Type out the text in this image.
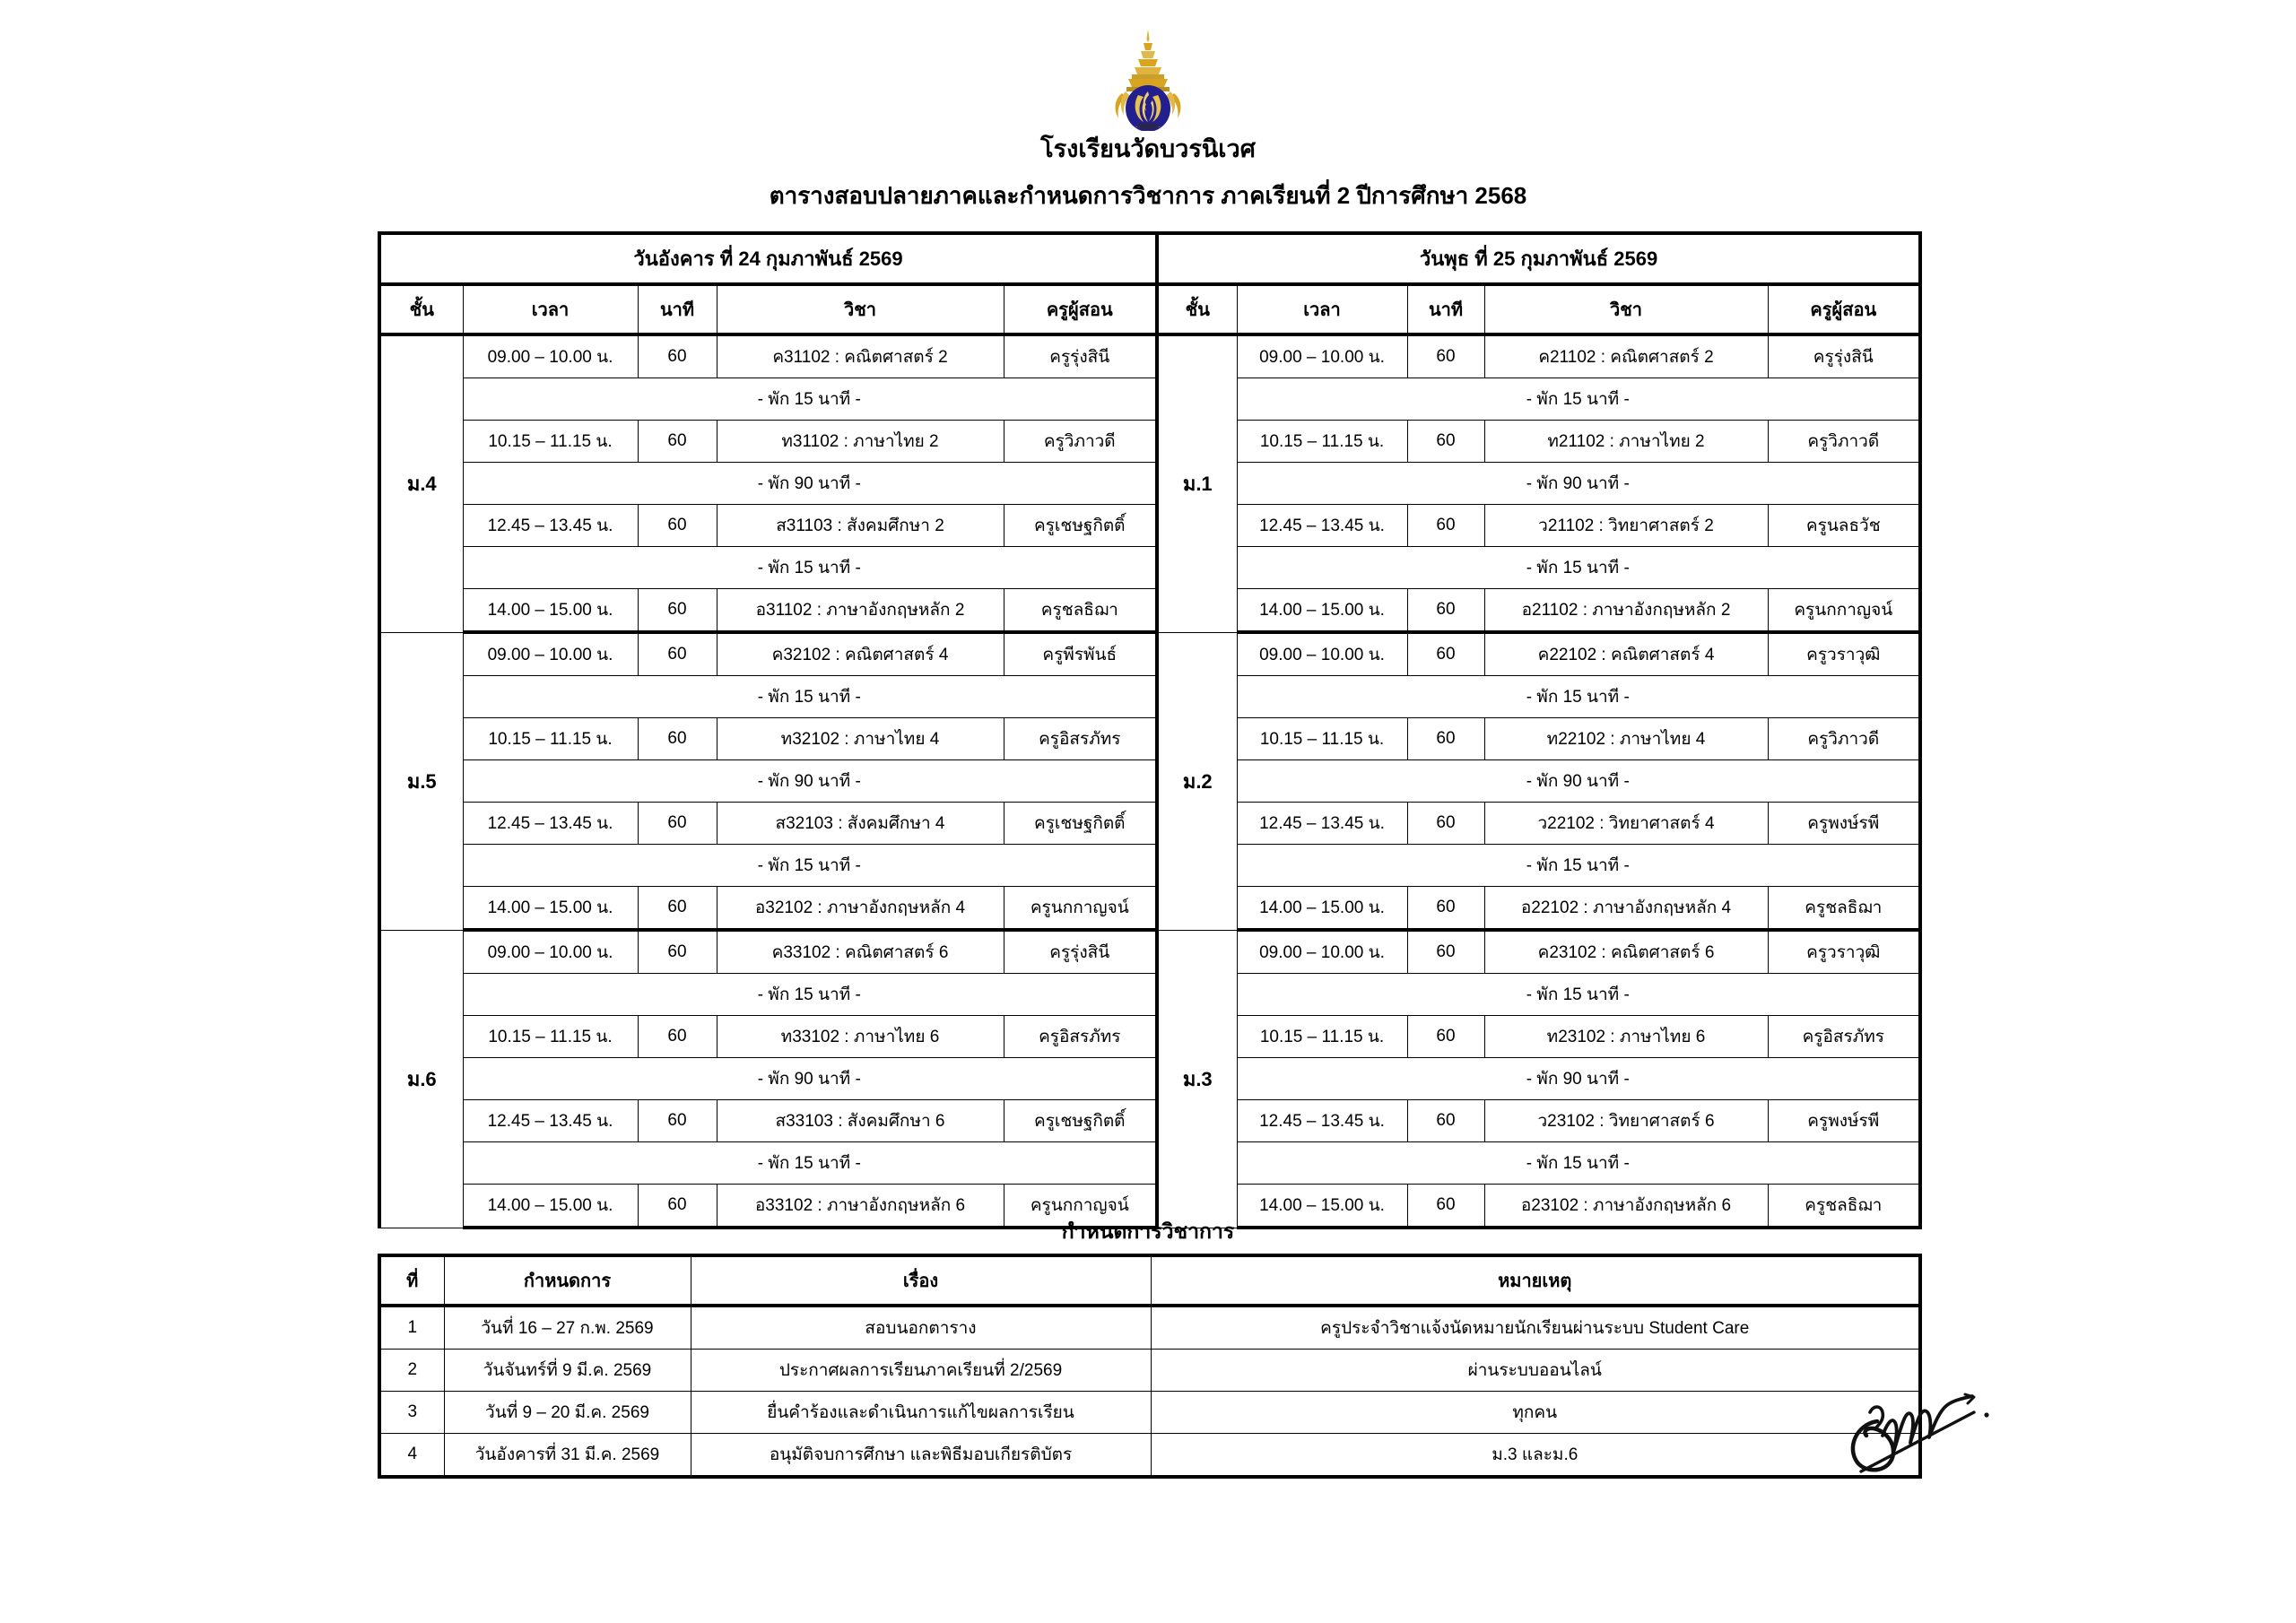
โรงเรียนวัดบวรนิเวศ
ตารางสอบปลายภาคและกำหนดการวิชาการ ภาคเรียนที่ 2 ปีการศึกษา 2568
วันอังคาร ที่ 24 กุมภาพันธ์ 2569				
ชั้น	เวลา	นาที	วิชา	ครูผู้สอน
ม.4	09.00 – 10.00 น.	60	ค31102 : คณิตศาสตร์ 2	ครูรุ่งสินี
	- พัก 15 นาที -			
	10.15 – 11.15 น.	60	ท31102 : ภาษาไทย 2	ครูวิภาวดี
	- พัก 90 นาที -			
	12.45 – 13.45 น.	60	ส31103 : สังคมศึกษา 2	ครูเชษฐกิตติ์
	- พัก 15 นาที -			
	14.00 – 15.00 น.	60	อ31102 : ภาษาอังกฤษหลัก 2	ครูชลธิฌา
ม.5	09.00 – 10.00 น.	60	ค32102 : คณิตศาสตร์ 4	ครูพีรพันธ์
	- พัก 15 นาที -			
	10.15 – 11.15 น.	60	ท32102 : ภาษาไทย 4	ครูอิสรภัทร
	- พัก 90 นาที -			
	12.45 – 13.45 น.	60	ส32103 : สังคมศึกษา 4	ครูเชษฐกิตติ์
	- พัก 15 นาที -			
	14.00 – 15.00 น.	60	อ32102 : ภาษาอังกฤษหลัก 4	ครูนกกาญจน์
ม.6	09.00 – 10.00 น.	60	ค33102 : คณิตศาสตร์ 6	ครูรุ่งสินี
	- พัก 15 นาที -			
	10.15 – 11.15 น.	60	ท33102 : ภาษาไทย 6	ครูอิสรภัทร
	- พัก 90 นาที -			
	12.45 – 13.45 น.	60	ส33103 : สังคมศึกษา 6	ครูเชษฐกิตติ์
	- พัก 15 นาที -			
	14.00 – 15.00 น.	60	อ33102 : ภาษาอังกฤษหลัก 6	ครูนกกาญจน์
วันพุธ ที่ 25 กุมภาพันธ์ 2569				
ชั้น	เวลา	นาที	วิชา	ครูผู้สอน
ม.1	09.00 – 10.00 น.	60	ค21102 : คณิตศาสตร์ 2	ครูรุ่งสินี
	- พัก 15 นาที -			
	10.15 – 11.15 น.	60	ท21102 : ภาษาไทย 2	ครูวิภาวดี
	- พัก 90 นาที -			
	12.45 – 13.45 น.	60	ว21102 : วิทยาศาสตร์ 2	ครูนลธวัช
	- พัก 15 นาที -			
	14.00 – 15.00 น.	60	อ21102 : ภาษาอังกฤษหลัก 2	ครูนกกาญจน์
ม.2	09.00 – 10.00 น.	60	ค22102 : คณิตศาสตร์ 4	ครูวราวุฒิ
	- พัก 15 นาที -			
	10.15 – 11.15 น.	60	ท22102 : ภาษาไทย 4	ครูวิภาวดี
	- พัก 90 นาที -			
	12.45 – 13.45 น.	60	ว22102 : วิทยาศาสตร์ 4	ครูพงษ์รพี
	- พัก 15 นาที -			
	14.00 – 15.00 น.	60	อ22102 : ภาษาอังกฤษหลัก 4	ครูชลธิฌา
ม.3	09.00 – 10.00 น.	60	ค23102 : คณิตศาสตร์ 6	ครูวราวุฒิ
	- พัก 15 นาที -			
	10.15 – 11.15 น.	60	ท23102 : ภาษาไทย 6	ครูอิสรภัทร
	- พัก 90 นาที -			
	12.45 – 13.45 น.	60	ว23102 : วิทยาศาสตร์ 6	ครูพงษ์รพี
	- พัก 15 นาที -			
	14.00 – 15.00 น.	60	อ23102 : ภาษาอังกฤษหลัก 6	ครูชลธิฌา
กำหนดการวิชาการ
ที่	กำหนดการ	เรื่อง	หมายเหตุ
1	วันที่ 16 – 27 ก.พ. 2569	สอบนอกตาราง	ครูประจำวิชาแจ้งนัดหมายนักเรียนผ่านระบบ Student Care
2	วันจันทร์ที่ 9 มี.ค. 2569	ประกาศผลการเรียนภาคเรียนที่ 2/2569	ผ่านระบบออนไลน์
3	วันที่ 9 – 20 มี.ค. 2569	ยื่นคำร้องและดำเนินการแก้ไขผลการเรียน	ทุกคน
4	วันอังคารที่ 31 มี.ค. 2569	อนุมัติจบการศึกษา และพิธีมอบเกียรติบัตร	ม.3 และม.6
